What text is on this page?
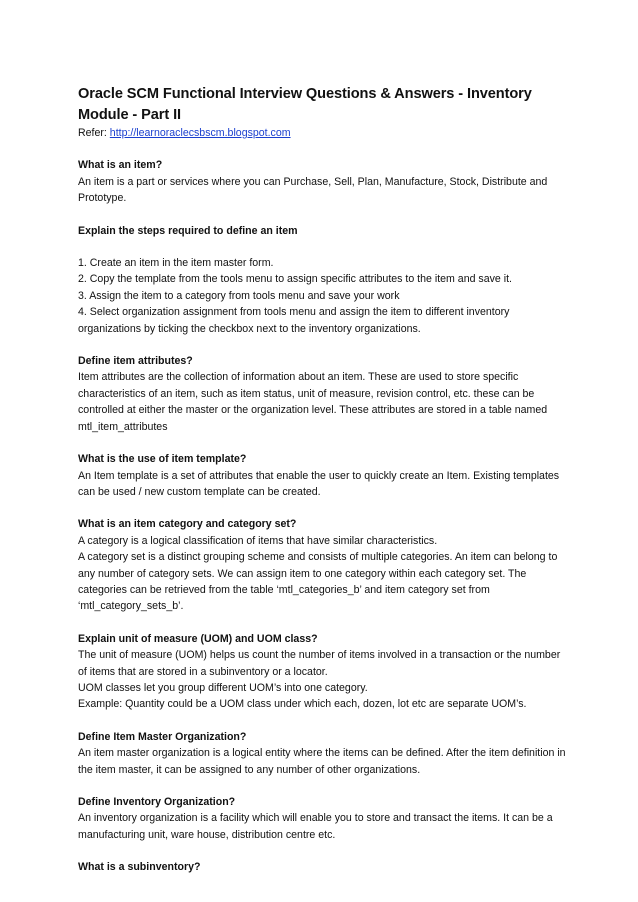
Oracle SCM Functional Interview Questions & Answers - Inventory Module - Part II

Refer: http://learnoraclecsbscm.blogspot.com

What is an item?

An item is a part or services where you can Purchase, Sell, Plan, Manufacture, Stock, Distribute and Prototype.

Explain the steps required to define an item

1. Create an item in the item master form.

2. Copy the template from the tools menu to assign specific attributes to the item and save it.

3. Assign the item to a category from tools menu and save your work

4. Select organization assignment from tools menu and assign the item to different inventory organizations by ticking the checkbox next to the inventory organizations.

Define item attributes?

Item attributes are the collection of information about an item. These are used to store specific characteristics of an item, such as item status, unit of measure, revision control, etc. these can be controlled at either the master or the organization level. These attributes are stored in a table named mtl_item_attributes

What is the use of item template?

An Item template is a set of attributes that enable the user to quickly create an Item. Existing templates can be used / new custom template can be created.

What is an item category and category set?

A category is a logical classification of items that have similar characteristics.

A category set is a distinct grouping scheme and consists of multiple categories. An item can belong to any number of category sets. We can assign item to one category within each category set. The categories can be retrieved from the table ‘mtl_categories_b’ and item category set from ‘mtl_category_sets_b’.

Explain unit of measure (UOM) and UOM class?

The unit of measure (UOM) helps us count the number of items involved in a transaction or the number of items that are stored in a subinventory or a locator.

UOM classes let you group different UOM’s into one category.

Example: Quantity could be a UOM class under which each, dozen, lot etc are separate UOM’s.

Define Item Master Organization?

An item master organization is a logical entity where the items can be defined. After the item definition in the item master, it can be assigned to any number of other organizations.

Define Inventory Organization?

An inventory organization is a facility which will enable you to store and transact the items. It can be a manufacturing unit, ware house, distribution centre etc.

What is a subinventory?
